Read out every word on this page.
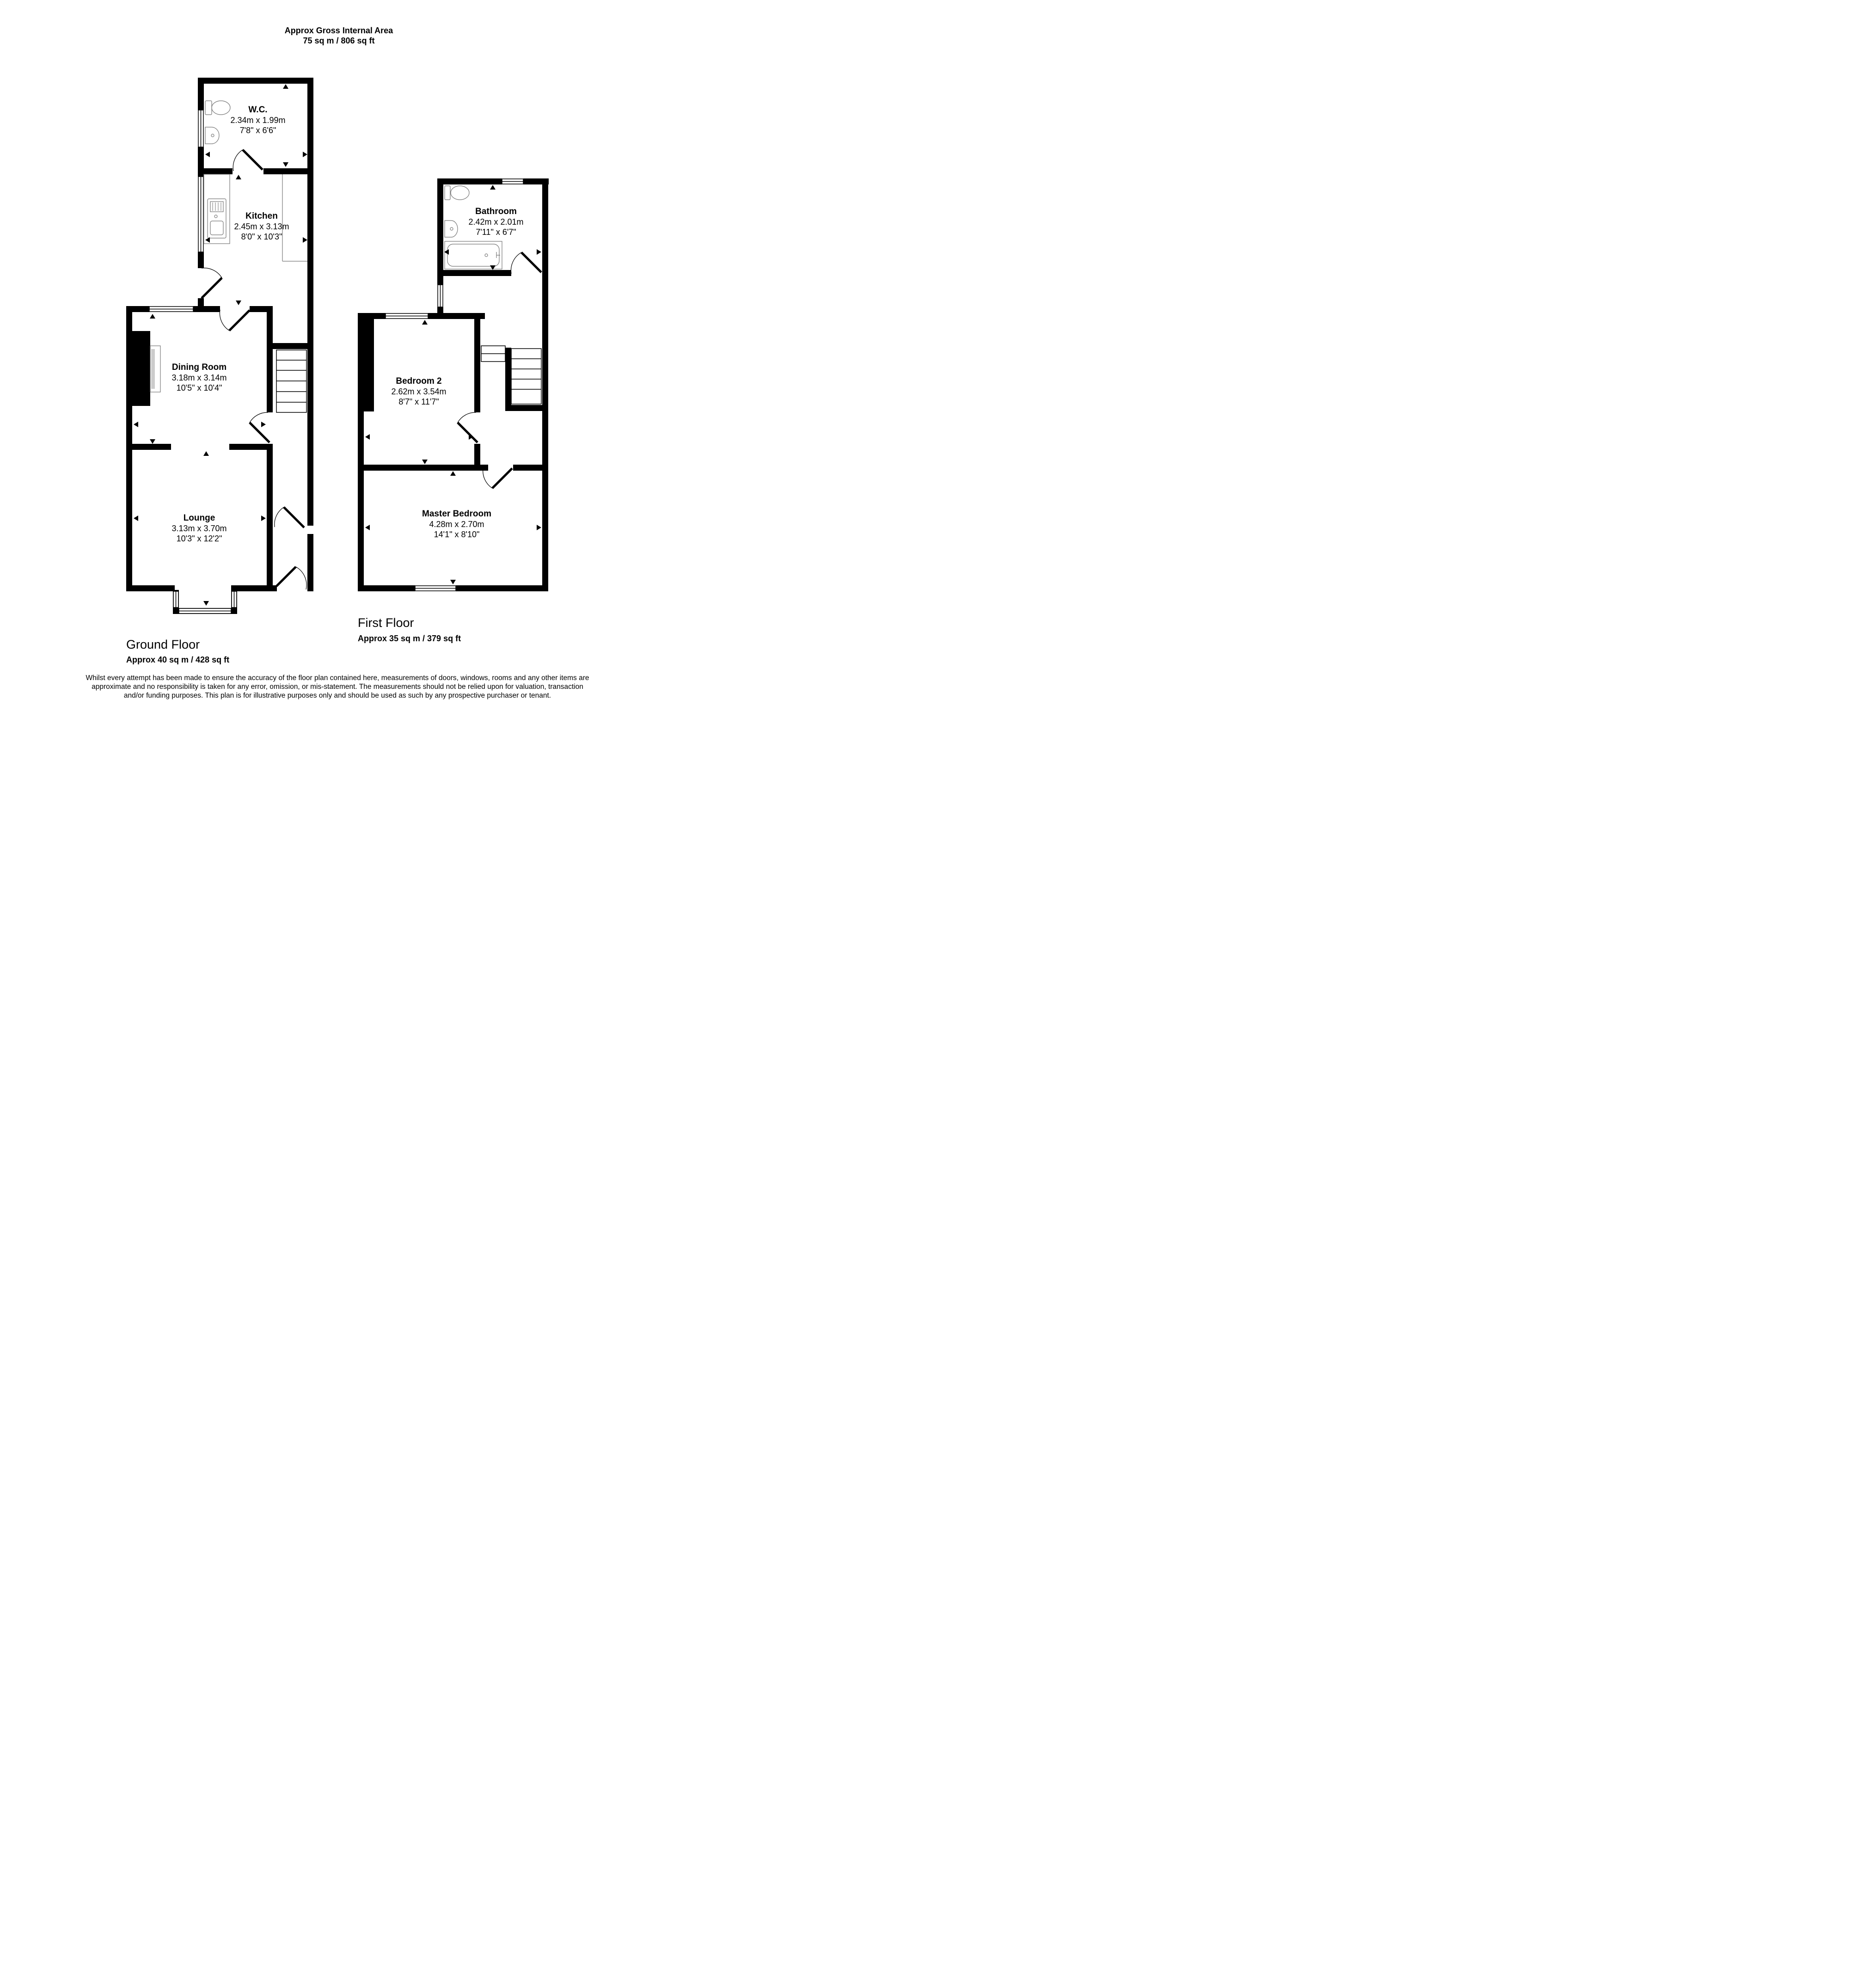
Approx Gross Internal Area
75 sq m / 806 sq ft
W.C.
2.34m x 1.99m
7'8" x 6'6"
Kitchen
2.45m x 3.13m
8'0" x 10'3"
Dining Room
3.18m x 3.14m
10'5" x 10'4"
Lounge
3.13m x 3.70m
10'3" x 12'2"
Bathroom
2.42m x 2.01m
7'11" x 6'7"
Bedroom 2
2.62m x 3.54m
8'7" x 11'7"
Master Bedroom
4.28m x 2.70m
14'1" x 8'10"
Ground Floor
Approx 40 sq m / 428 sq ft
First Floor
Approx 35 sq m / 379 sq ft
Whilst every attempt has been made to ensure the accuracy of the floor plan contained here, measurements of doors, windows, rooms and any other items are approximate and no responsibility is taken for any error, omission, or mis-statement. The measurements should not be relied upon for valuation, transaction and/or funding purposes. This plan is for illustrative purposes only and should be used as such by any prospective purchaser or tenant.
